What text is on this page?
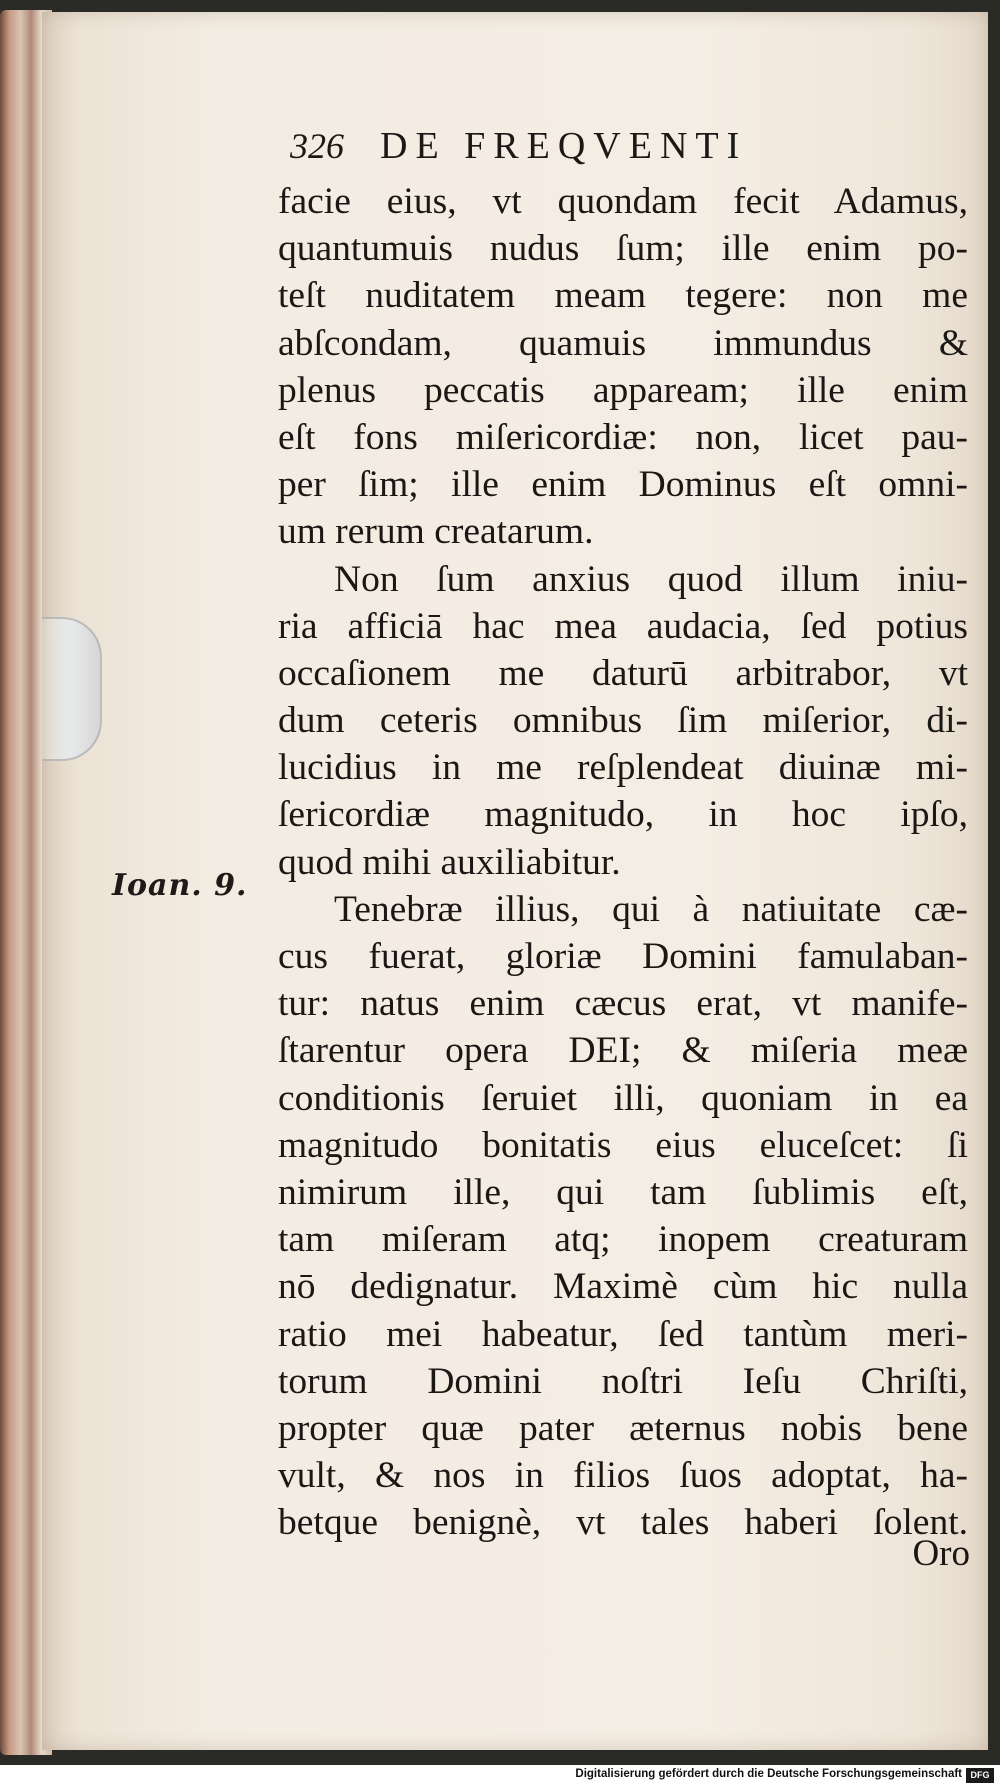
326 DE FREQVENTI
Ioan. 9.
facie eius, vt quondam fecit Adamus,
quantumuis nudus ſum; ille enim po-
teſt nuditatem meam tegere: non me
abſcondam, quamuis immundus &
plenus peccatis appaream; ille enim
eſt fons miſericordiæ: non, licet pau-
per ſim; ille enim Dominus eſt omni-
um rerum creatarum.
Non ſum anxius quod illum iniu-
ria afficiā hac mea audacia, ſed potius
occaſionem me daturū arbitrabor, vt
dum ceteris omnibus ſim miſerior, di-
lucidius in me reſplendeat diuinæ mi-
ſericordiæ magnitudo, in hoc ipſo,
quod mihi auxiliabitur.
Tenebræ illius, qui à natiuitate cæ-
cus fuerat, gloriæ Domini famulaban-
tur: natus enim cæcus erat, vt manife-
ſtarentur opera DEI; & miſeria meæ
conditionis ſeruiet illi, quoniam in ea
magnitudo bonitatis eius eluceſcet: ſi
nimirum ille, qui tam ſublimis eſt,
tam miſeram atq; inopem creaturam
nō dedignatur. Maximè cùm hic nulla
ratio mei habeatur, ſed tantùm meri-
torum Domini noſtri Ieſu Chriſti,
propter quæ pater æternus nobis bene
vult, & nos in filios ſuos adoptat, ha-
betque benignè, vt tales haberi ſolent.
Oro
Digitalisierung gefördert durch die Deutsche Forschungsgemeinschaft DFG
